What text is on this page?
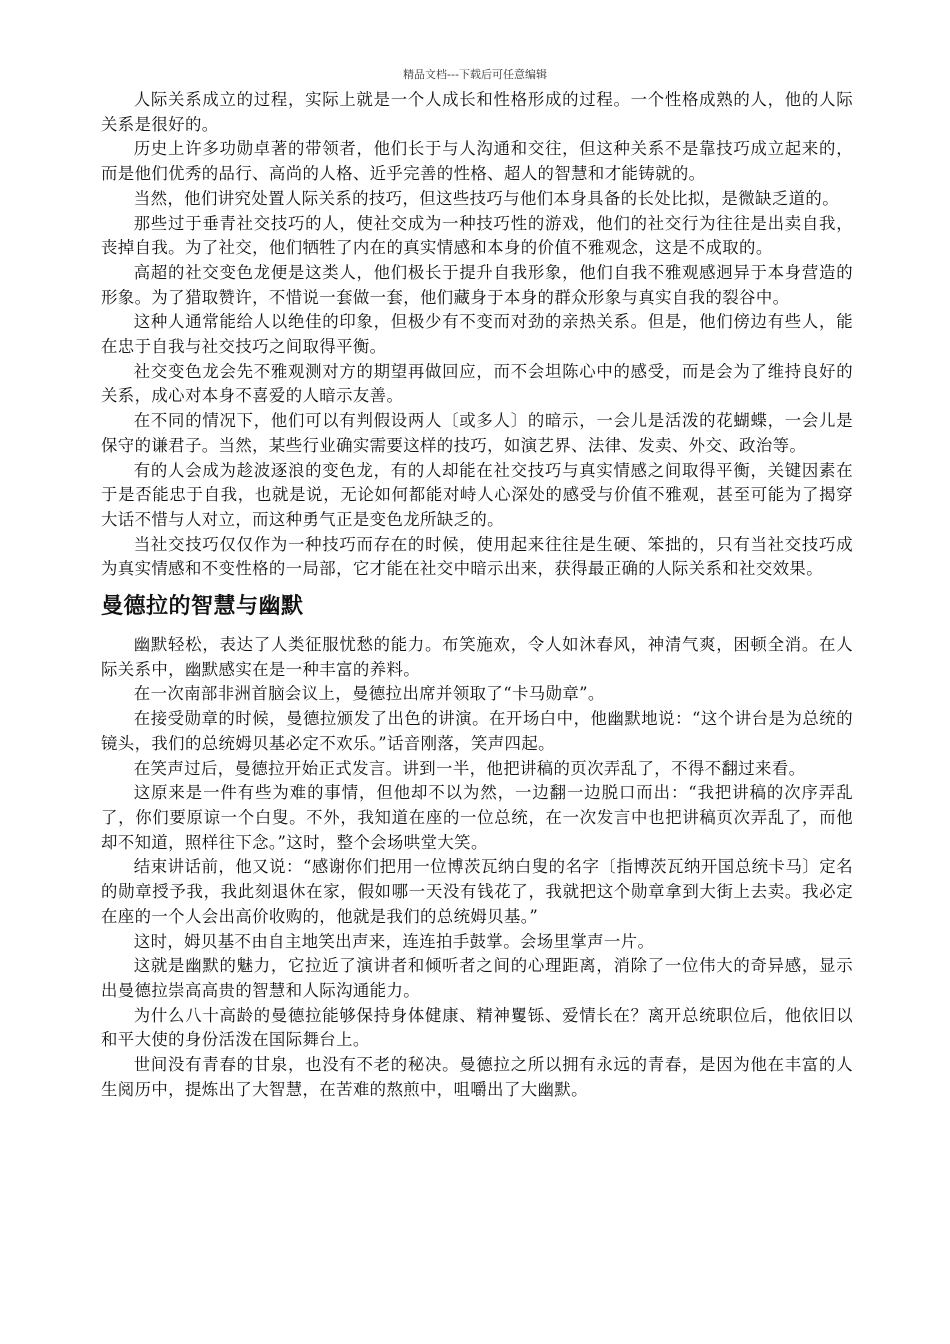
精品文档---下载后可任意编辑

人际关系成立的过程，实际上就是一个人成长和性格形成的过程。一个性格成熟的人，他的人际关系是很好的。

历史上许多功勋卓著的带领者，他们长于与人沟通和交往，但这种关系不是靠技巧成立起来的，而是他们优秀的品行、高尚的人格、近乎完善的性格、超人的智慧和才能铸就的。

当然，他们讲究处置人际关系的技巧，但这些技巧与他们本身具备的长处比拟，是微缺乏道的。

那些过于垂青社交技巧的人，使社交成为一种技巧性的游戏，他们的社交行为往往是出卖自我，丧掉自我。为了社交，他们牺牲了内在的真实情感和本身的价值不雅观念，这是不成取的。

高超的社交变色龙便是这类人，他们极长于提升自我形象，他们自我不雅观感迥异于本身营造的形象。为了猎取赞许，不惜说一套做一套，他们藏身于本身的群众形象与真实自我的裂谷中。

这种人通常能给人以绝佳的印象，但极少有不变而对劲的亲热关系。但是，他们傍边有些人，能在忠于自我与社交技巧之间取得平衡。

社交变色龙会先不雅观测对方的期望再做回应，而不会坦陈心中的感受，而是会为了维持良好的关系，成心对本身不喜爱的人暗示友善。

在不同的情况下，他们可以有判假设两人〔或多人〕的暗示，一会儿是活泼的花蝴蝶，一会儿是保守的谦君子。当然，某些行业确实需要这样的技巧，如演艺界、法律、发卖、外交、政治等。

有的人会成为趁波逐浪的变色龙，有的人却能在社交技巧与真实情感之间取得平衡，关键因素在于是否能忠于自我，也就是说，无论如何都能对峙人心深处的感受与价值不雅观，甚至可能为了揭穿大话不惜与人对立，而这种勇气正是变色龙所缺乏的。

当社交技巧仅仅作为一种技巧而存在的时候，使用起来往往是生硬、笨拙的，只有当社交技巧成为真实情感和不变性格的一局部，它才能在社交中暗示出来，获得最正确的人际关系和社交效果。

曼德拉的智慧与幽默

幽默轻松，表达了人类征服忧愁的能力。布笑施欢，令人如沐春风，神清气爽，困顿全消。在人际关系中，幽默感实在是一种丰富的养料。

在一次南部非洲首脑会议上，曼德拉出席并领取了“卡马勋章”。

在接受勋章的时候，曼德拉颁发了出色的讲演。在开场白中，他幽默地说：“这个讲台是为总统的镜头，我们的总统姆贝基必定不欢乐。”话音刚落，笑声四起。

在笑声过后，曼德拉开始正式发言。讲到一半，他把讲稿的页次弄乱了，不得不翻过来看。

这原来是一件有些为难的事情，但他却不以为然，一边翻一边脱口而出：“我把讲稿的次序弄乱了，你们要原谅一个白叟。不外，我知道在座的一位总统，在一次发言中也把讲稿页次弄乱了，而他却不知道，照样往下念。”这时，整个会场哄堂大笑。

结束讲话前，他又说：“感谢你们把用一位博茨瓦纳白叟的名字〔指博茨瓦纳开国总统卡马〕定名的勋章授予我，我此刻退休在家，假如哪一天没有钱花了，我就把这个勋章拿到大街上去卖。我必定在座的一个人会出高价收购的，他就是我们的总统姆贝基。”

这时，姆贝基不由自主地笑出声来，连连拍手鼓掌。会场里掌声一片。

这就是幽默的魅力，它拉近了演讲者和倾听者之间的心理距离，消除了一位伟大的奇异感，显示出曼德拉崇高高贵的智慧和人际沟通能力。

为什么八十高龄的曼德拉能够保持身体健康、精神矍铄、爱情长在？离开总统职位后，他依旧以和平大使的身份活泼在国际舞台上。

世间没有青春的甘泉，也没有不老的秘决。曼德拉之所以拥有永远的青春，是因为他在丰富的人生阅历中，提炼出了大智慧，在苦难的熬煎中，咀嚼出了大幽默。
